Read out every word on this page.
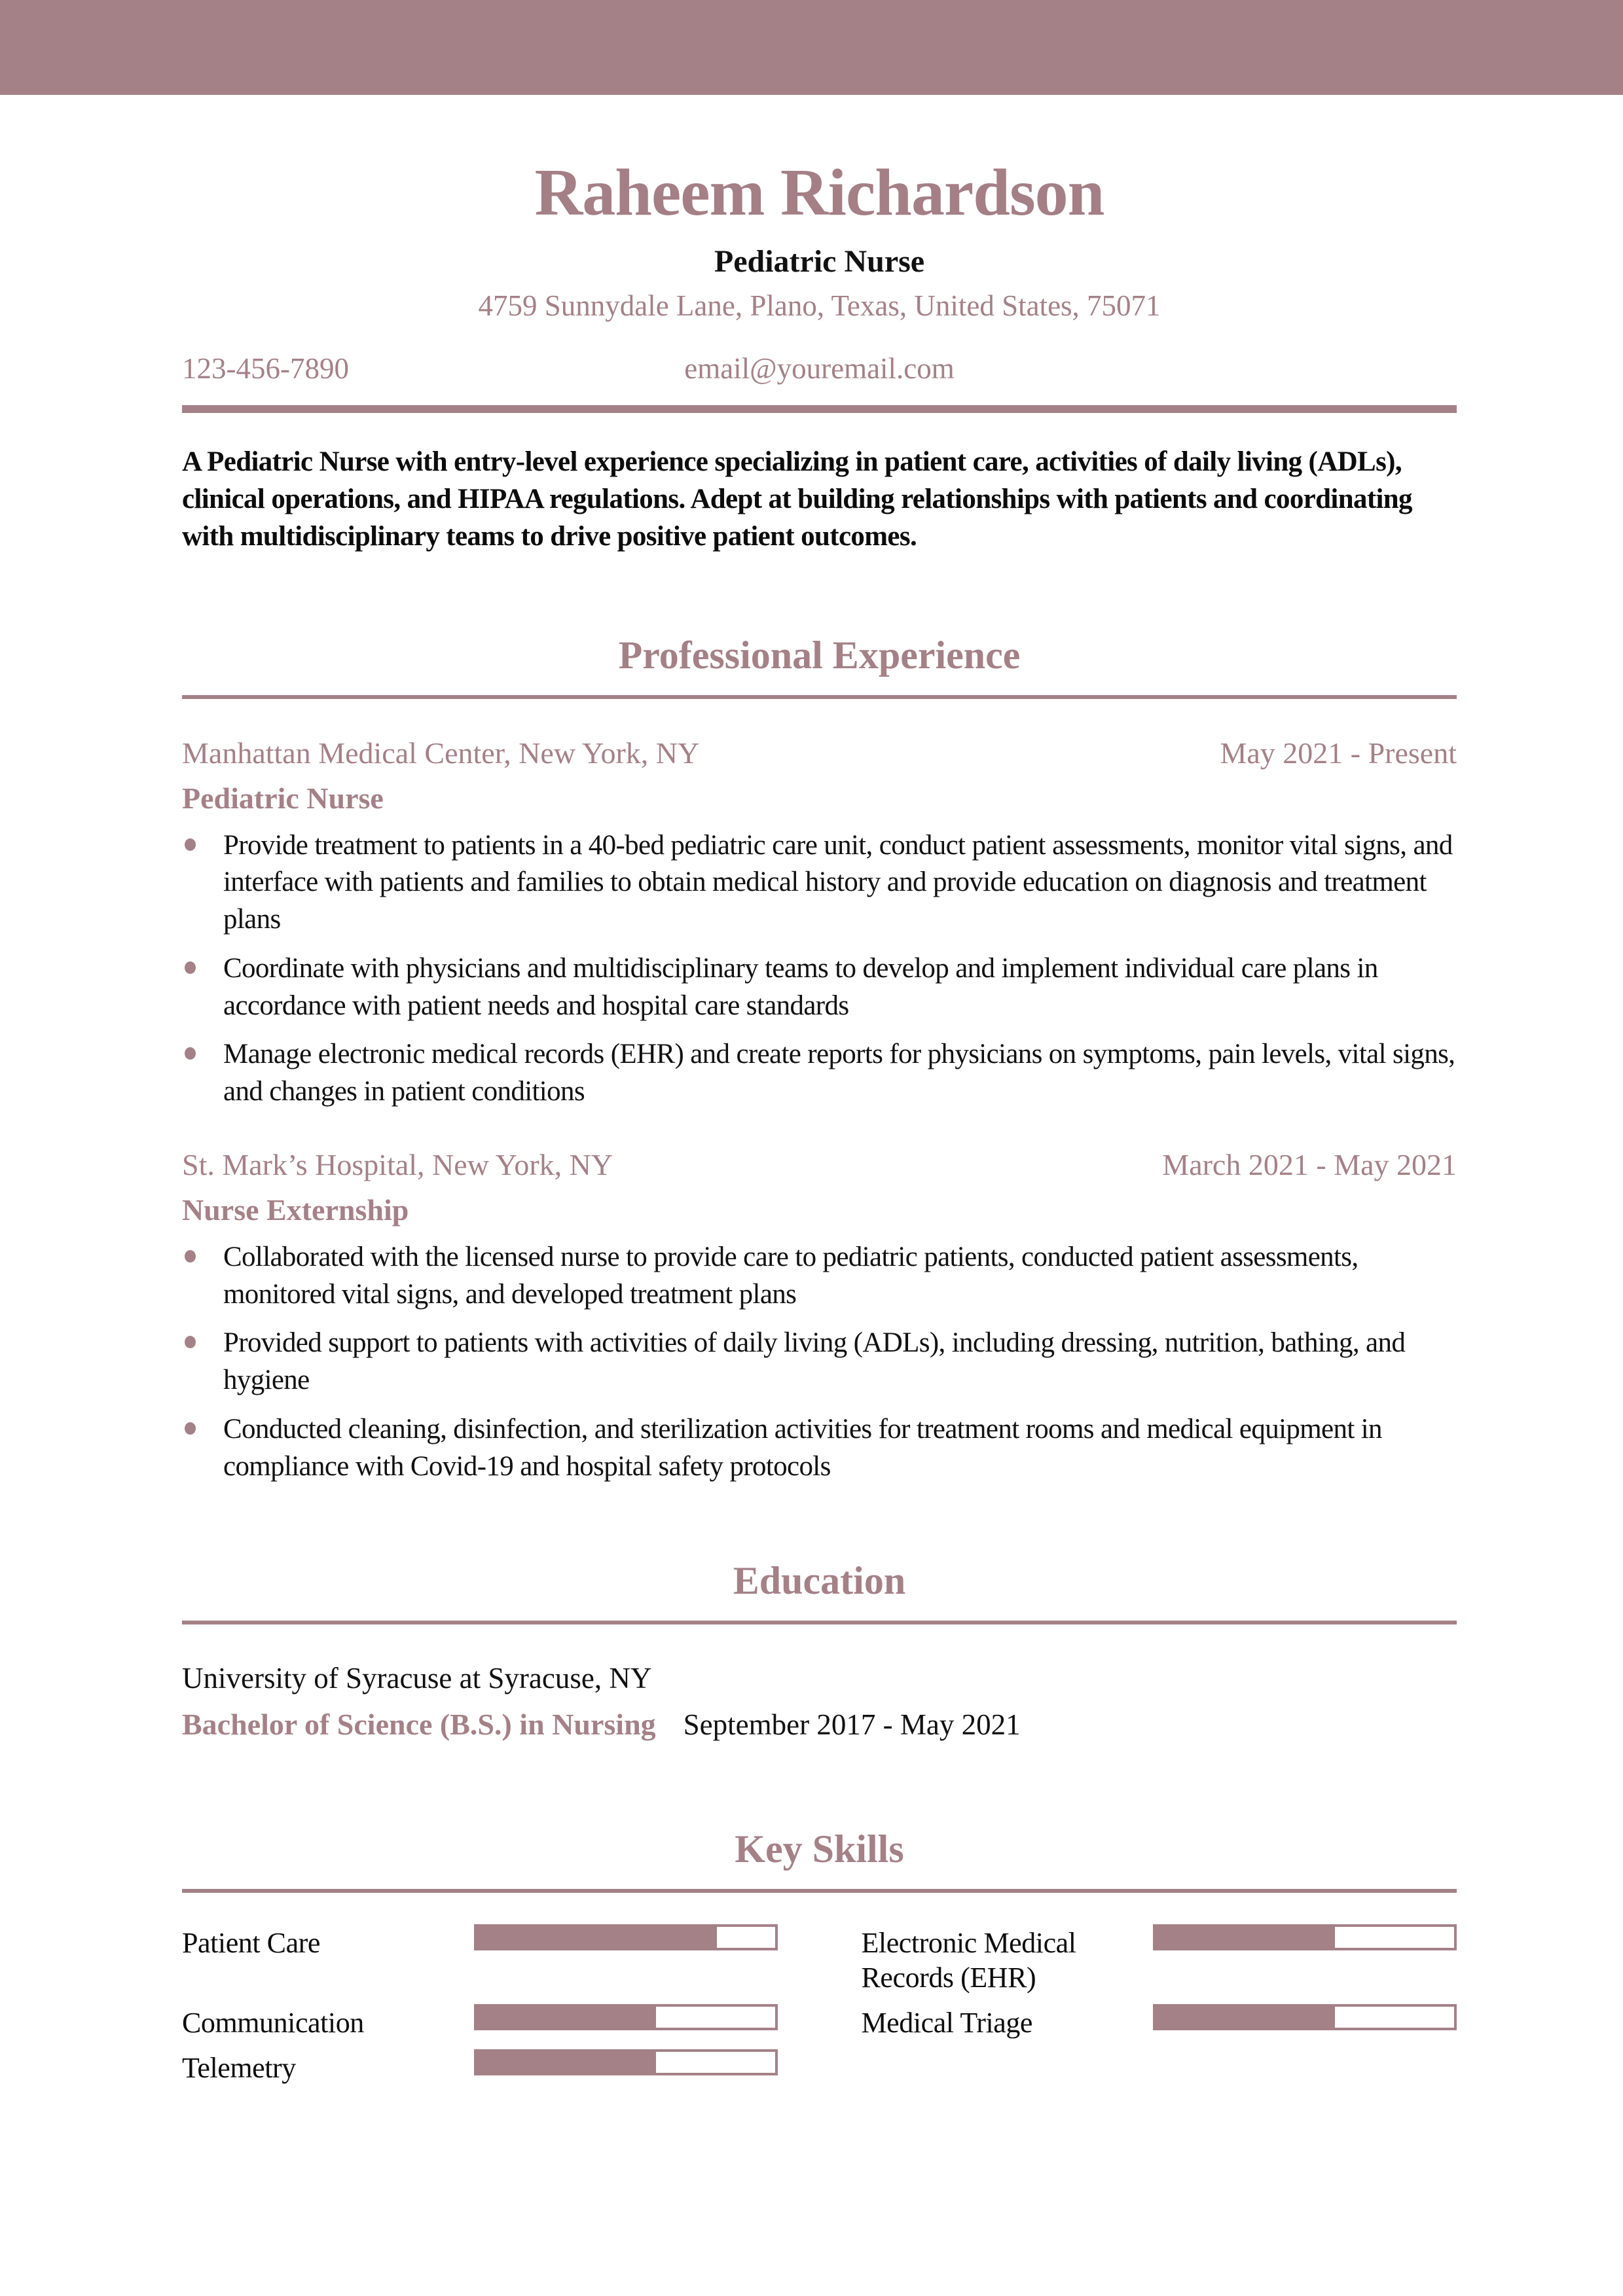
Raheem Richardson
Pediatric Nurse
4759 Sunnydale Lane, Plano, Texas, United States, 75071
123-456-7890	email@youremail.com
A Pediatric Nurse with entry-level experience specializing in patient care, activities of daily living (ADLs), clinical operations, and HIPAA regulations. Adept at building relationships with patients and coordinating with multidisciplinary teams to drive positive patient outcomes.
Professional Experience
Manhattan Medical Center, New York, NY	May 2021 - Present
Pediatric Nurse
Provide treatment to patients in a 40-bed pediatric care unit, conduct patient assessments, monitor vital signs, and interface with patients and families to obtain medical history and provide education on diagnosis and treatment plans
Coordinate with physicians and multidisciplinary teams to develop and implement individual care plans in accordance with patient needs and hospital care standards
Manage electronic medical records (EHR) and create reports for physicians on symptoms, pain levels, vital signs, and changes in patient conditions
St. Mark’s Hospital, New York, NY	March 2021 - May 2021
Nurse Externship
Collaborated with the licensed nurse to provide care to pediatric patients, conducted patient assessments, monitored vital signs, and developed treatment plans
Provided support to patients with activities of daily living (ADLs), including dressing, nutrition, bathing, and hygiene
Conducted cleaning, disinfection, and sterilization activities for treatment rooms and medical equipment in compliance with Covid-19 and hospital safety protocols
Education
University of Syracuse at Syracuse, NY
Bachelor of Science (B.S.) in Nursing September 2017 - May 2021
Key Skills
Patient Care
Communication
Telemetry
Electronic Medical Records (EHR)
Medical Triage
